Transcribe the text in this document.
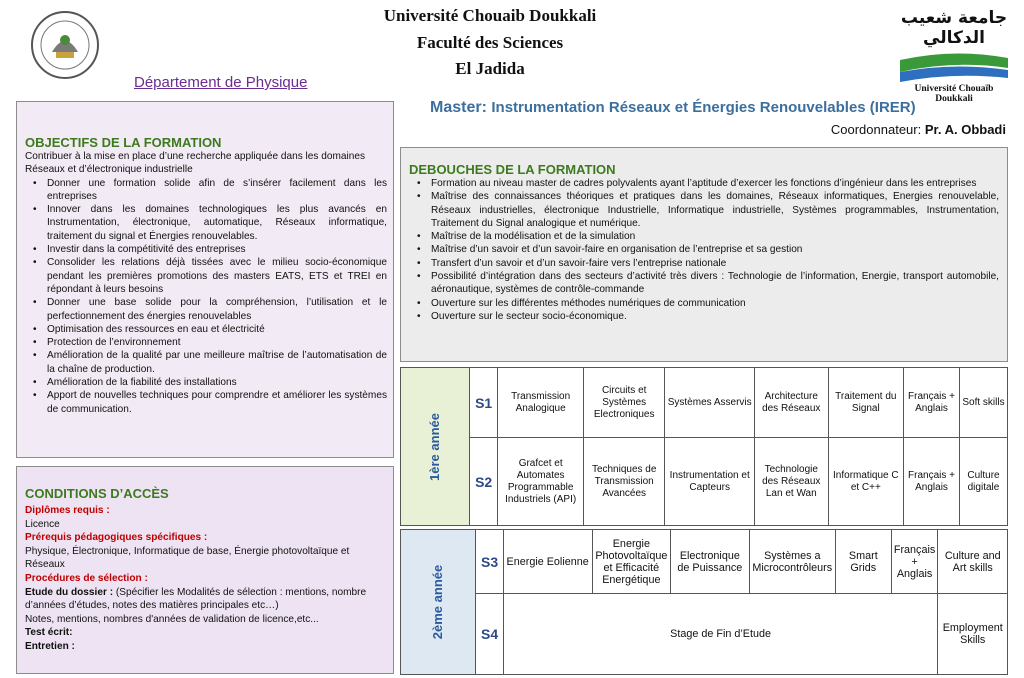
Université Chouaib Doukkali
Faculté des Sciences
El Jadida
جامعة شعيب الدكالي
Université Chouaïb Doukkali
Département de Physique
Master: Instrumentation Réseaux et Énergies Renouvelables (IRER)
Coordonnateur: Pr. A. Obbadi

OBJECTIFS DE LA FORMATION

Contribuer à la mise en place d’une recherche appliquée dans les domaines Réseaux et d’électronique industrielle

• Donner une formation solide afin de s’insérer facilement dans les entreprises
• Innover dans les domaines technologiques les plus avancés en Instrumentation, électronique, automatique, Réseaux informatique, traitement du signal et Énergies renouvelables.
• Investir dans la compétitivité des entreprises
• Consolider les relations déjà tissées avec le milieu socio-économique pendant les premières promotions des masters EATS, ETS et TREI en répondant à leurs besoins
• Donner une base solide pour la compréhension, l’utilisation et le perfectionnement des énergies renouvelables
• Optimisation des ressources en eau et électricité
• Protection de l’environnement
• Amélioration de la qualité par une meilleure maîtrise de l’automatisation de la chaîne de production.
• Amélioration de la fiabilité des installations
• Apport de nouvelles techniques pour comprendre et améliorer les systèmes de communication.

CONDITIONS D’ACCÈS

Diplômes requis :

Licence

Prérequis pédagogiques spécifiques :

Physique, Électronique, Informatique de base, Énergie photovoltaïque et Réseaux

Procédures de sélection :

Etude du dossier : (Spécifier les Modalités de sélection : mentions, nombre d’années d’études, notes des matières principales etc…)

Notes, mentions, nombres d'années de validation de licence,etc...

Test écrit:

Entretien :

DEBOUCHES DE LA FORMATION

• Formation au niveau master de cadres polyvalents ayant l’aptitude d’exercer les fonctions d’ingénieur dans les entreprises
• Maîtrise des connaissances théoriques et pratiques dans les domaines, Réseaux informatiques, Energies renouvelable, Réseaux industrielles, électronique Industrielle, Informatique industrielle, Systèmes programmables, Instrumentation, Traitement du Signal analogique et numérique.
• Maîtrise de la modélisation et de la simulation
• Maîtrise d’un savoir et d’un savoir-faire en organisation de l’entreprise et sa gestion
• Transfert d’un savoir et d’un savoir-faire vers l’entreprise nationale
• Possibilité d’intégration dans des secteurs d’activité très divers : Technologie de l’information, Energie, transport automobile, aéronautique, systèmes de contrôle-commande
• Ouverture sur les différentes méthodes numériques de communication
• Ouverture sur le secteur socio-économique.
1ère année	S1	Transmission Analogique	Circuits et Systèmes Electroniques	Systèmes Asservis	Architecture des Réseaux	Traitement du Signal	Français + Anglais	Soft skills
	S2	Grafcet et Automates Programmable Industriels (API)	Techniques de Transmission Avancées	Instrumentation et Capteurs	Technologie des Réseaux Lan et Wan	Informatique C et C++	Français + Anglais	Culture digitale
2ème année	S3	Energie Eolienne	Energie Photovoltaïque et Efficacité Energétique	Electronique de Puissance	Systèmes a Microcontrôleurs	Smart Grids	Français + Anglais	Culture and Art skills
	S4	Stage de Fin d’Etude						Employment Skills
